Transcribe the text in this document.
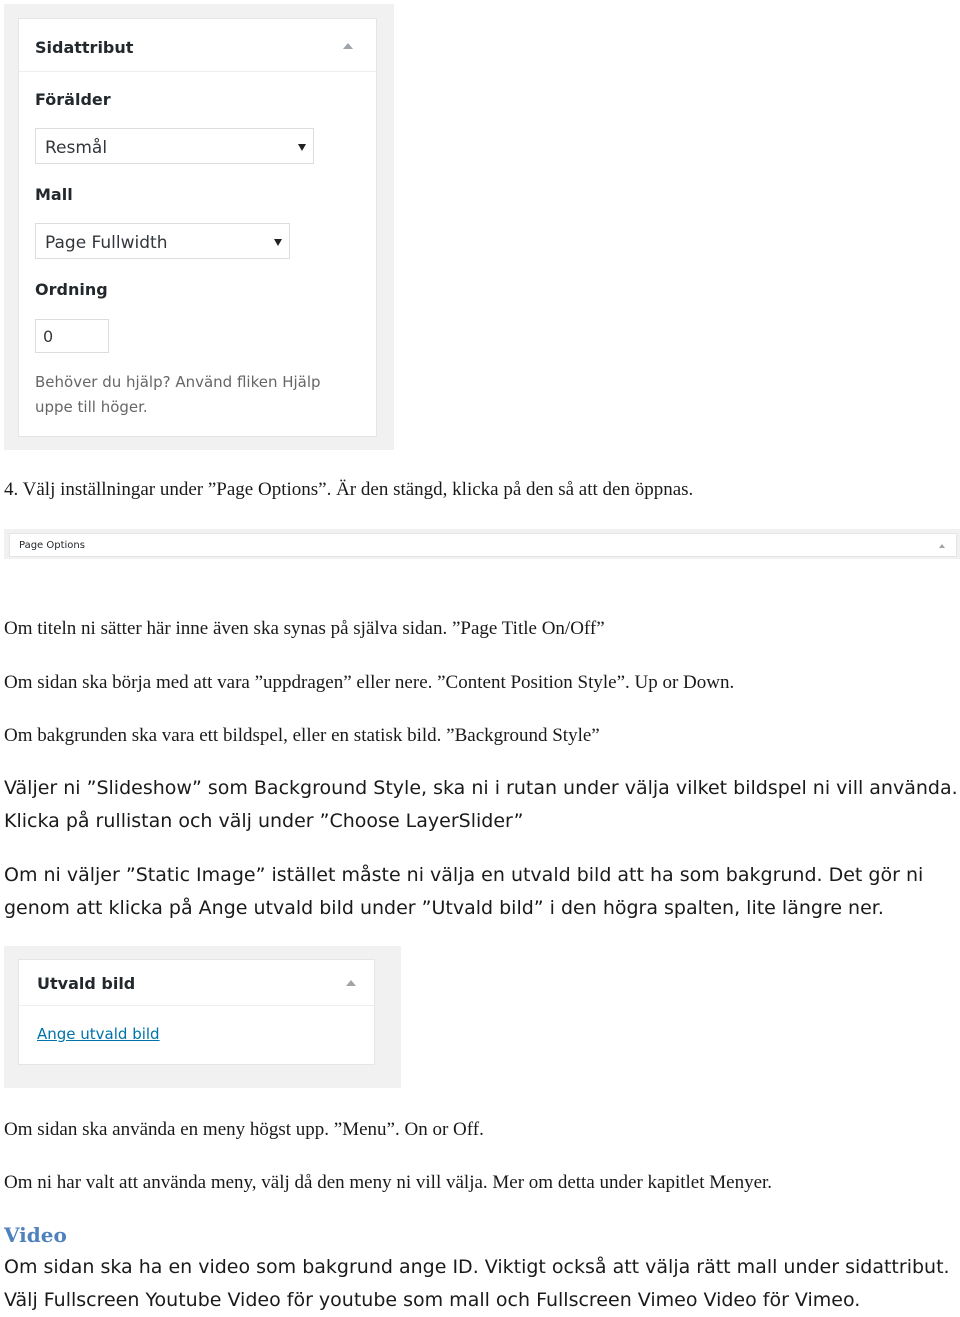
Sidattribut
Förälder
Resmål
Mall
Page Fullwidth
Ordning
0
Behöver du hjälp? Använd fliken Hjälp uppe till höger.
4. Välj inställningar under ”Page Options”. Är den stängd, klicka på den så att den öppnas.
Page Options
Om titeln ni sätter här inne även ska synas på själva sidan. ”Page Title On/Off”
Om sidan ska börja med att vara ”uppdragen” eller nere. ”Content Position Style”. Up or Down.
Om bakgrunden ska vara ett bildspel, eller en statisk bild. ”Background Style”
Väljer ni ”Slideshow” som Background Style, ska ni i rutan under välja vilket bildspel ni vill använda.
Klicka på rullistan och välj under ”Choose LayerSlider”
Om ni väljer ”Static Image” istället måste ni välja en utvald bild att ha som bakgrund. Det gör ni
genom att klicka på Ange utvald bild under ”Utvald bild” i den högra spalten, lite längre ner.
Utvald bild
Ange utvald bild
Om sidan ska använda en meny högst upp. ”Menu”. On or Off.
Om ni har valt att använda meny, välj då den meny ni vill välja. Mer om detta under kapitlet Menyer.
Video
Om sidan ska ha en video som bakgrund ange ID. Viktigt också att välja rätt mall under sidattribut.
Välj Fullscreen Youtube Video för youtube som mall och Fullscreen Vimeo Video för Vimeo.
